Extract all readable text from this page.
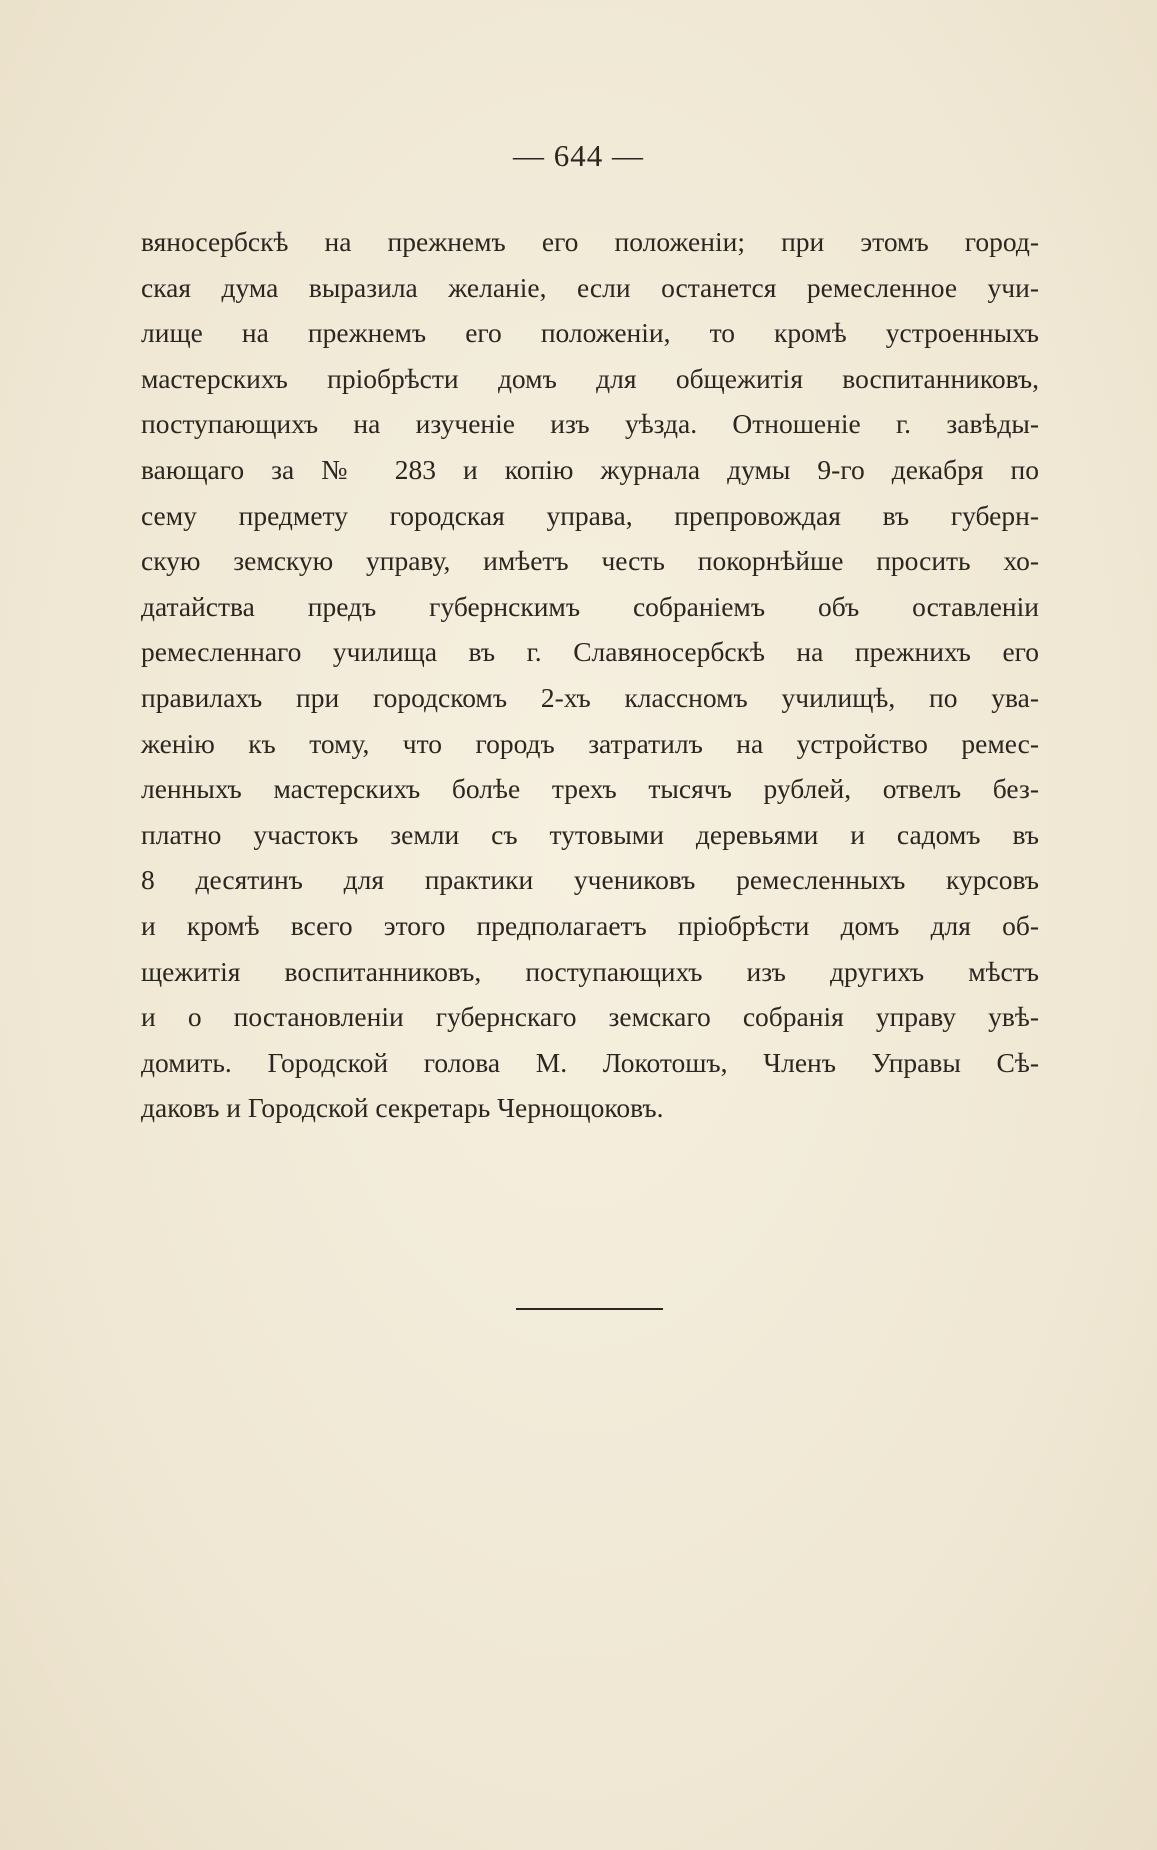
— 644 —
вяносербскѣ на прежнемъ его положеніи; при этомъ город-
ская дума выразила желаніе, если останется ремесленное учи-
лище на прежнемъ его положеніи, то кромѣ устроенныхъ
мастерскихъ пріобрѣсти домъ для общежитія воспитанниковъ,
поступающихъ на изученіе изъ уѣзда. Отношеніе г. завѣды-
вающаго за № 283 и копію журнала думы 9-го декабря по
сему предмету городская управа, препровождая въ губерн-
скую земскую управу, имѣетъ честь покорнѣйше просить хо-
датайства предъ губернскимъ собраніемъ объ оставленіи
ремесленнаго училища въ г. Славяносербскѣ на прежнихъ его
правилахъ при городскомъ 2-хъ классномъ училищѣ, по ува-
женію къ тому, что городъ затратилъ на устройство ремес-
ленныхъ мастерскихъ болѣе трехъ тысячъ рублей, отвелъ без-
платно участокъ земли съ тутовыми деревьями и садомъ въ
8 десятинъ для практики учениковъ ремесленныхъ курсовъ
и кромѣ всего этого предполагаетъ пріобрѣсти домъ для об-
щежитія воспитанниковъ, поступающихъ изъ другихъ мѣстъ
и о постановленіи губернскаго земскаго собранія управу увѣ-
домить. Городской голова М. Локотошъ, Членъ Управы Сѣ-
даковъ и Городской секретарь Чернощоковъ.
